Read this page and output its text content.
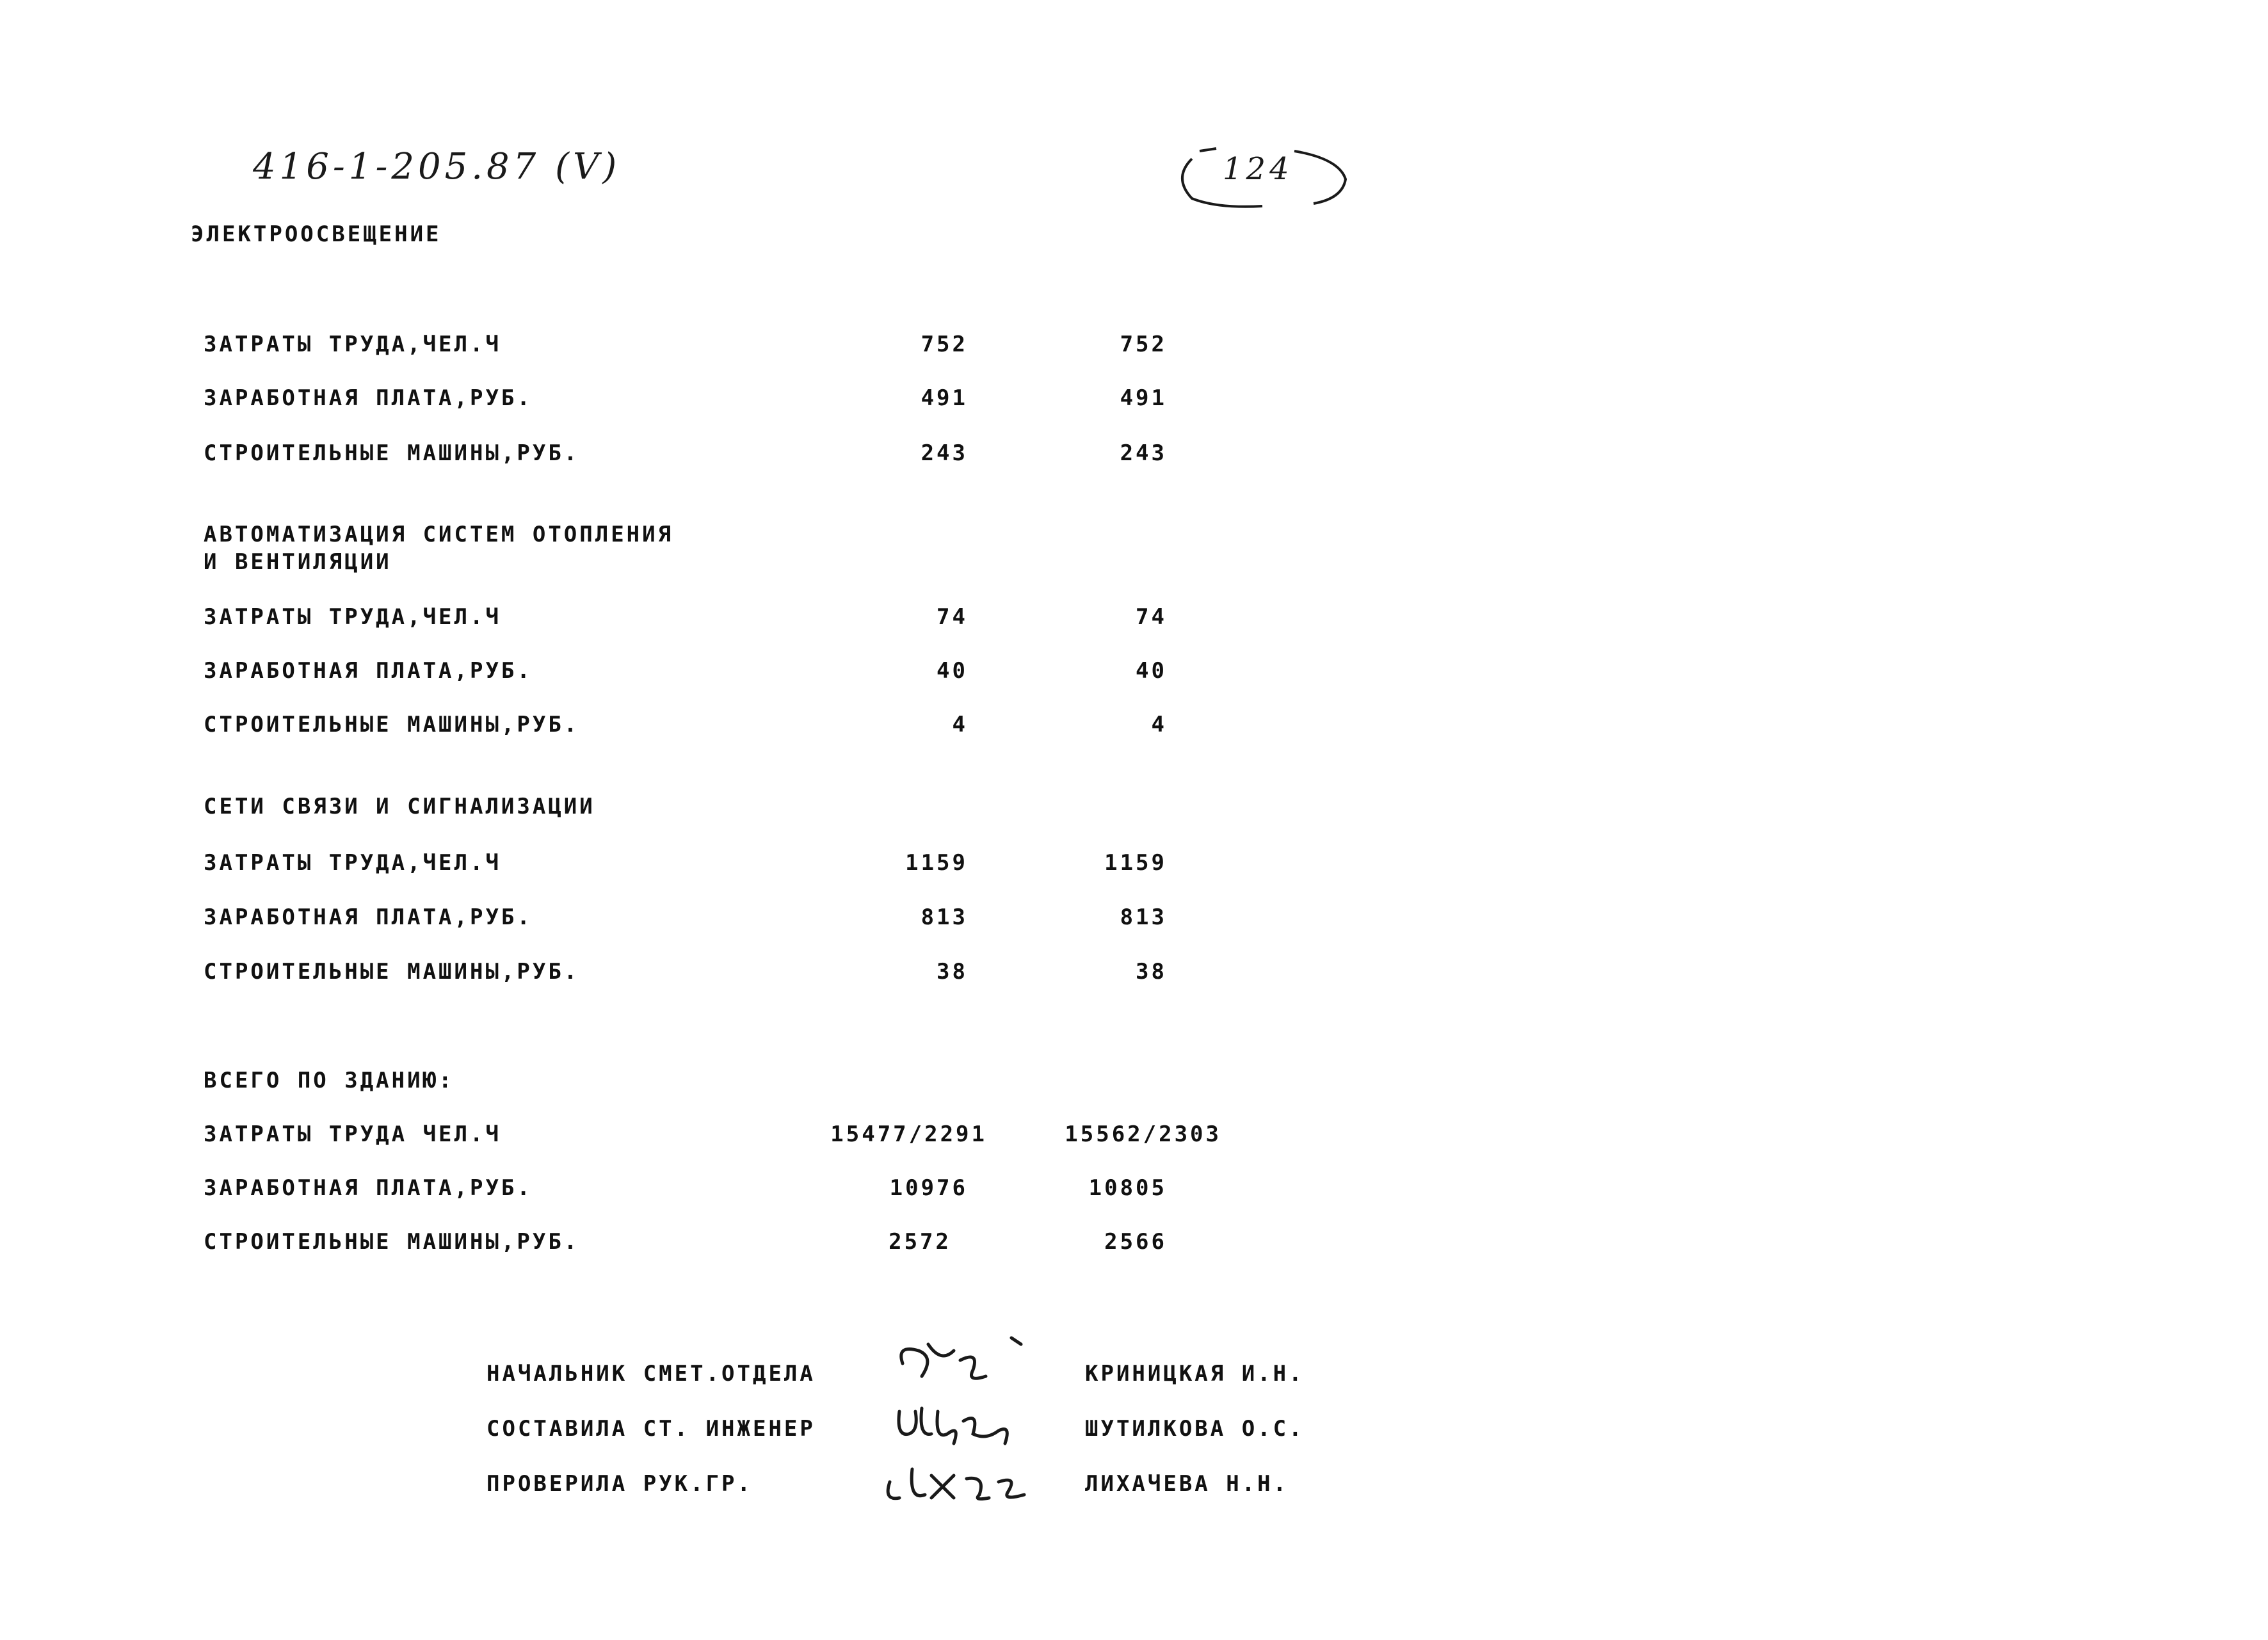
416-1-205.87 (V)	124
ЭЛЕКТРООСВЕЩЕНИЕ
ЗАТРАТЫ ТРУДА,ЧЕЛ.Ч	752	752
ЗАРАБОТНАЯ ПЛАТА,РУБ.	491	491
СТРОИТЕЛЬНЫЕ МАШИНЫ,РУБ.	243	243
АВТОМАТИЗАЦИЯ СИСТЕМ ОТОПЛЕНИЯ
И ВЕНТИЛЯЦИИ
ЗАТРАТЫ ТРУДА,ЧЕЛ.Ч	74	74
ЗАРАБОТНАЯ ПЛАТА,РУБ.	40	40
СТРОИТЕЛЬНЫЕ МАШИНЫ,РУБ.	4	4
СЕТИ СВЯЗИ И СИГНАЛИЗАЦИИ
ЗАТРАТЫ ТРУДА,ЧЕЛ.Ч	1159	1159
ЗАРАБОТНАЯ ПЛАТА,РУБ.	813	813
СТРОИТЕЛЬНЫЕ МАШИНЫ,РУБ.	38	38
ВСЕГО ПО ЗДАНИЮ:
ЗАТРАТЫ ТРУДА ЧЕЛ.Ч	15477/2291	15562/2303
ЗАРАБОТНАЯ ПЛАТА,РУБ.	10976	10805
СТРОИТЕЛЬНЫЕ МАШИНЫ,РУБ.	2572	2566
НАЧАЛЬНИК СМЕТ.ОТДЕЛА	КРИНИЦКАЯ И.Н.
СОСТАВИЛА СТ. ИНЖЕНЕР	ШУТИЛКОВА О.С.
ПРОВЕРИЛА РУК.ГР.	ЛИХАЧЕВА Н.Н.
